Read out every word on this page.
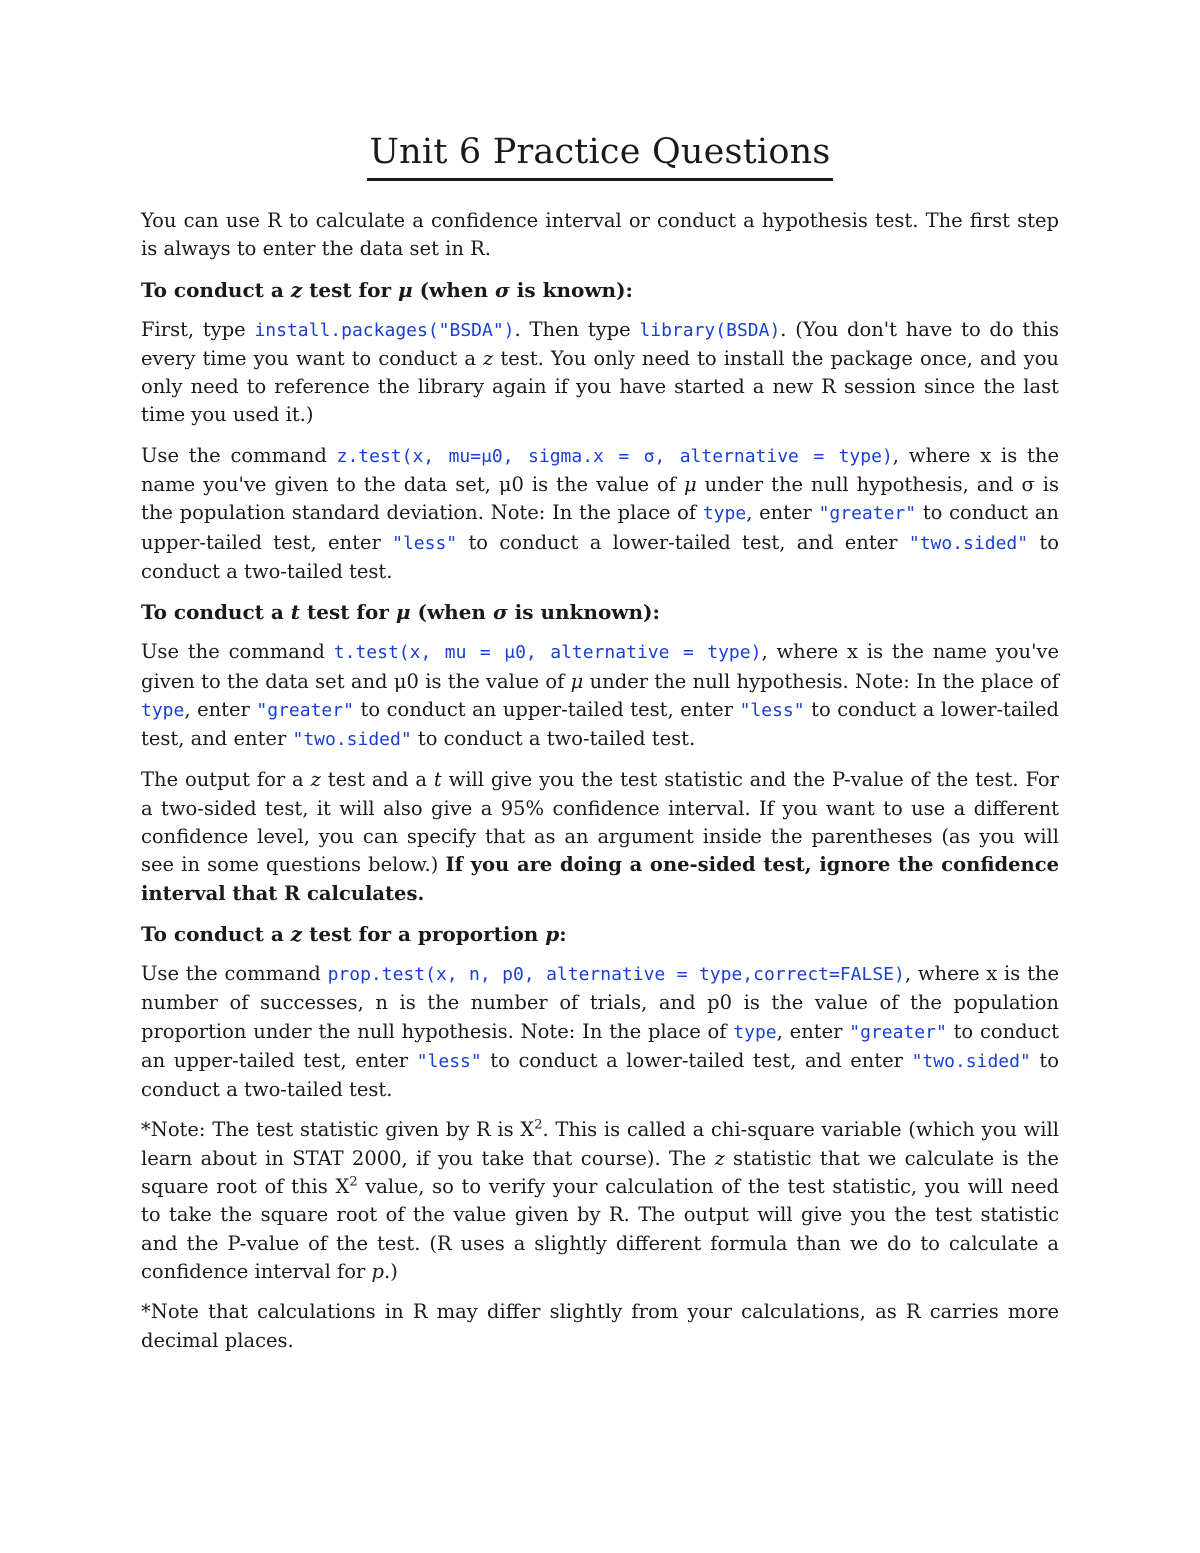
Unit 6 Practice Questions

You can use R to calculate a confidence interval or conduct a hypothesis test. The first step is always to enter the data set in R.

To conduct a z test for μ (when σ is known):

First, type install.packages("BSDA"). Then type library(BSDA). (You don't have to do this every time you want to conduct a z test. You only need to install the package once, and you only need to reference the library again if you have started a new R session since the last time you used it.)

Use the command z.test(x, mu=μ0, sigma.x = σ, alternative = type), where x is the name you've given to the data set, μ0 is the value of μ under the null hypothesis, and σ is the population standard deviation. Note: In the place of type, enter "greater" to conduct an upper-tailed test, enter "less" to conduct a lower-tailed test, and enter "two.sided" to conduct a two-tailed test.

To conduct a t test for μ (when σ is unknown):

Use the command t.test(x, mu = μ0, alternative = type), where x is the name you've given to the data set and μ0 is the value of μ under the null hypothesis. Note: In the place of type, enter "greater" to conduct an upper-tailed test, enter "less" to conduct a lower-tailed test, and enter "two.sided" to conduct a two-tailed test.

The output for a z test and a t will give you the test statistic and the P-value of the test. For a two-sided test, it will also give a 95% confidence interval. If you want to use a different confidence level, you can specify that as an argument inside the parentheses (as you will see in some questions below.) If you are doing a one-sided test, ignore the confidence interval that R calculates.

To conduct a z test for a proportion p:

Use the command prop.test(x, n, p0, alternative = type,correct=FALSE), where x is the number of successes, n is the number of trials, and p0 is the value of the population proportion under the null hypothesis. Note: In the place of type, enter "greater" to conduct an upper-tailed test, enter "less" to conduct a lower-tailed test, and enter "two.sided" to conduct a two-tailed test.

*Note: The test statistic given by R is $X^2$. This is called a chi-square variable (which you will learn about in STAT 2000, if you take that course). The z statistic that we calculate is the square root of this $X^2$ value, so to verify your calculation of the test statistic, you will need to take the square root of the value given by R. The output will give you the test statistic and the P-value of the test. (R uses a slightly different formula than we do to calculate a confidence interval for p.)

*Note that calculations in R may differ slightly from your calculations, as R carries more decimal places.
